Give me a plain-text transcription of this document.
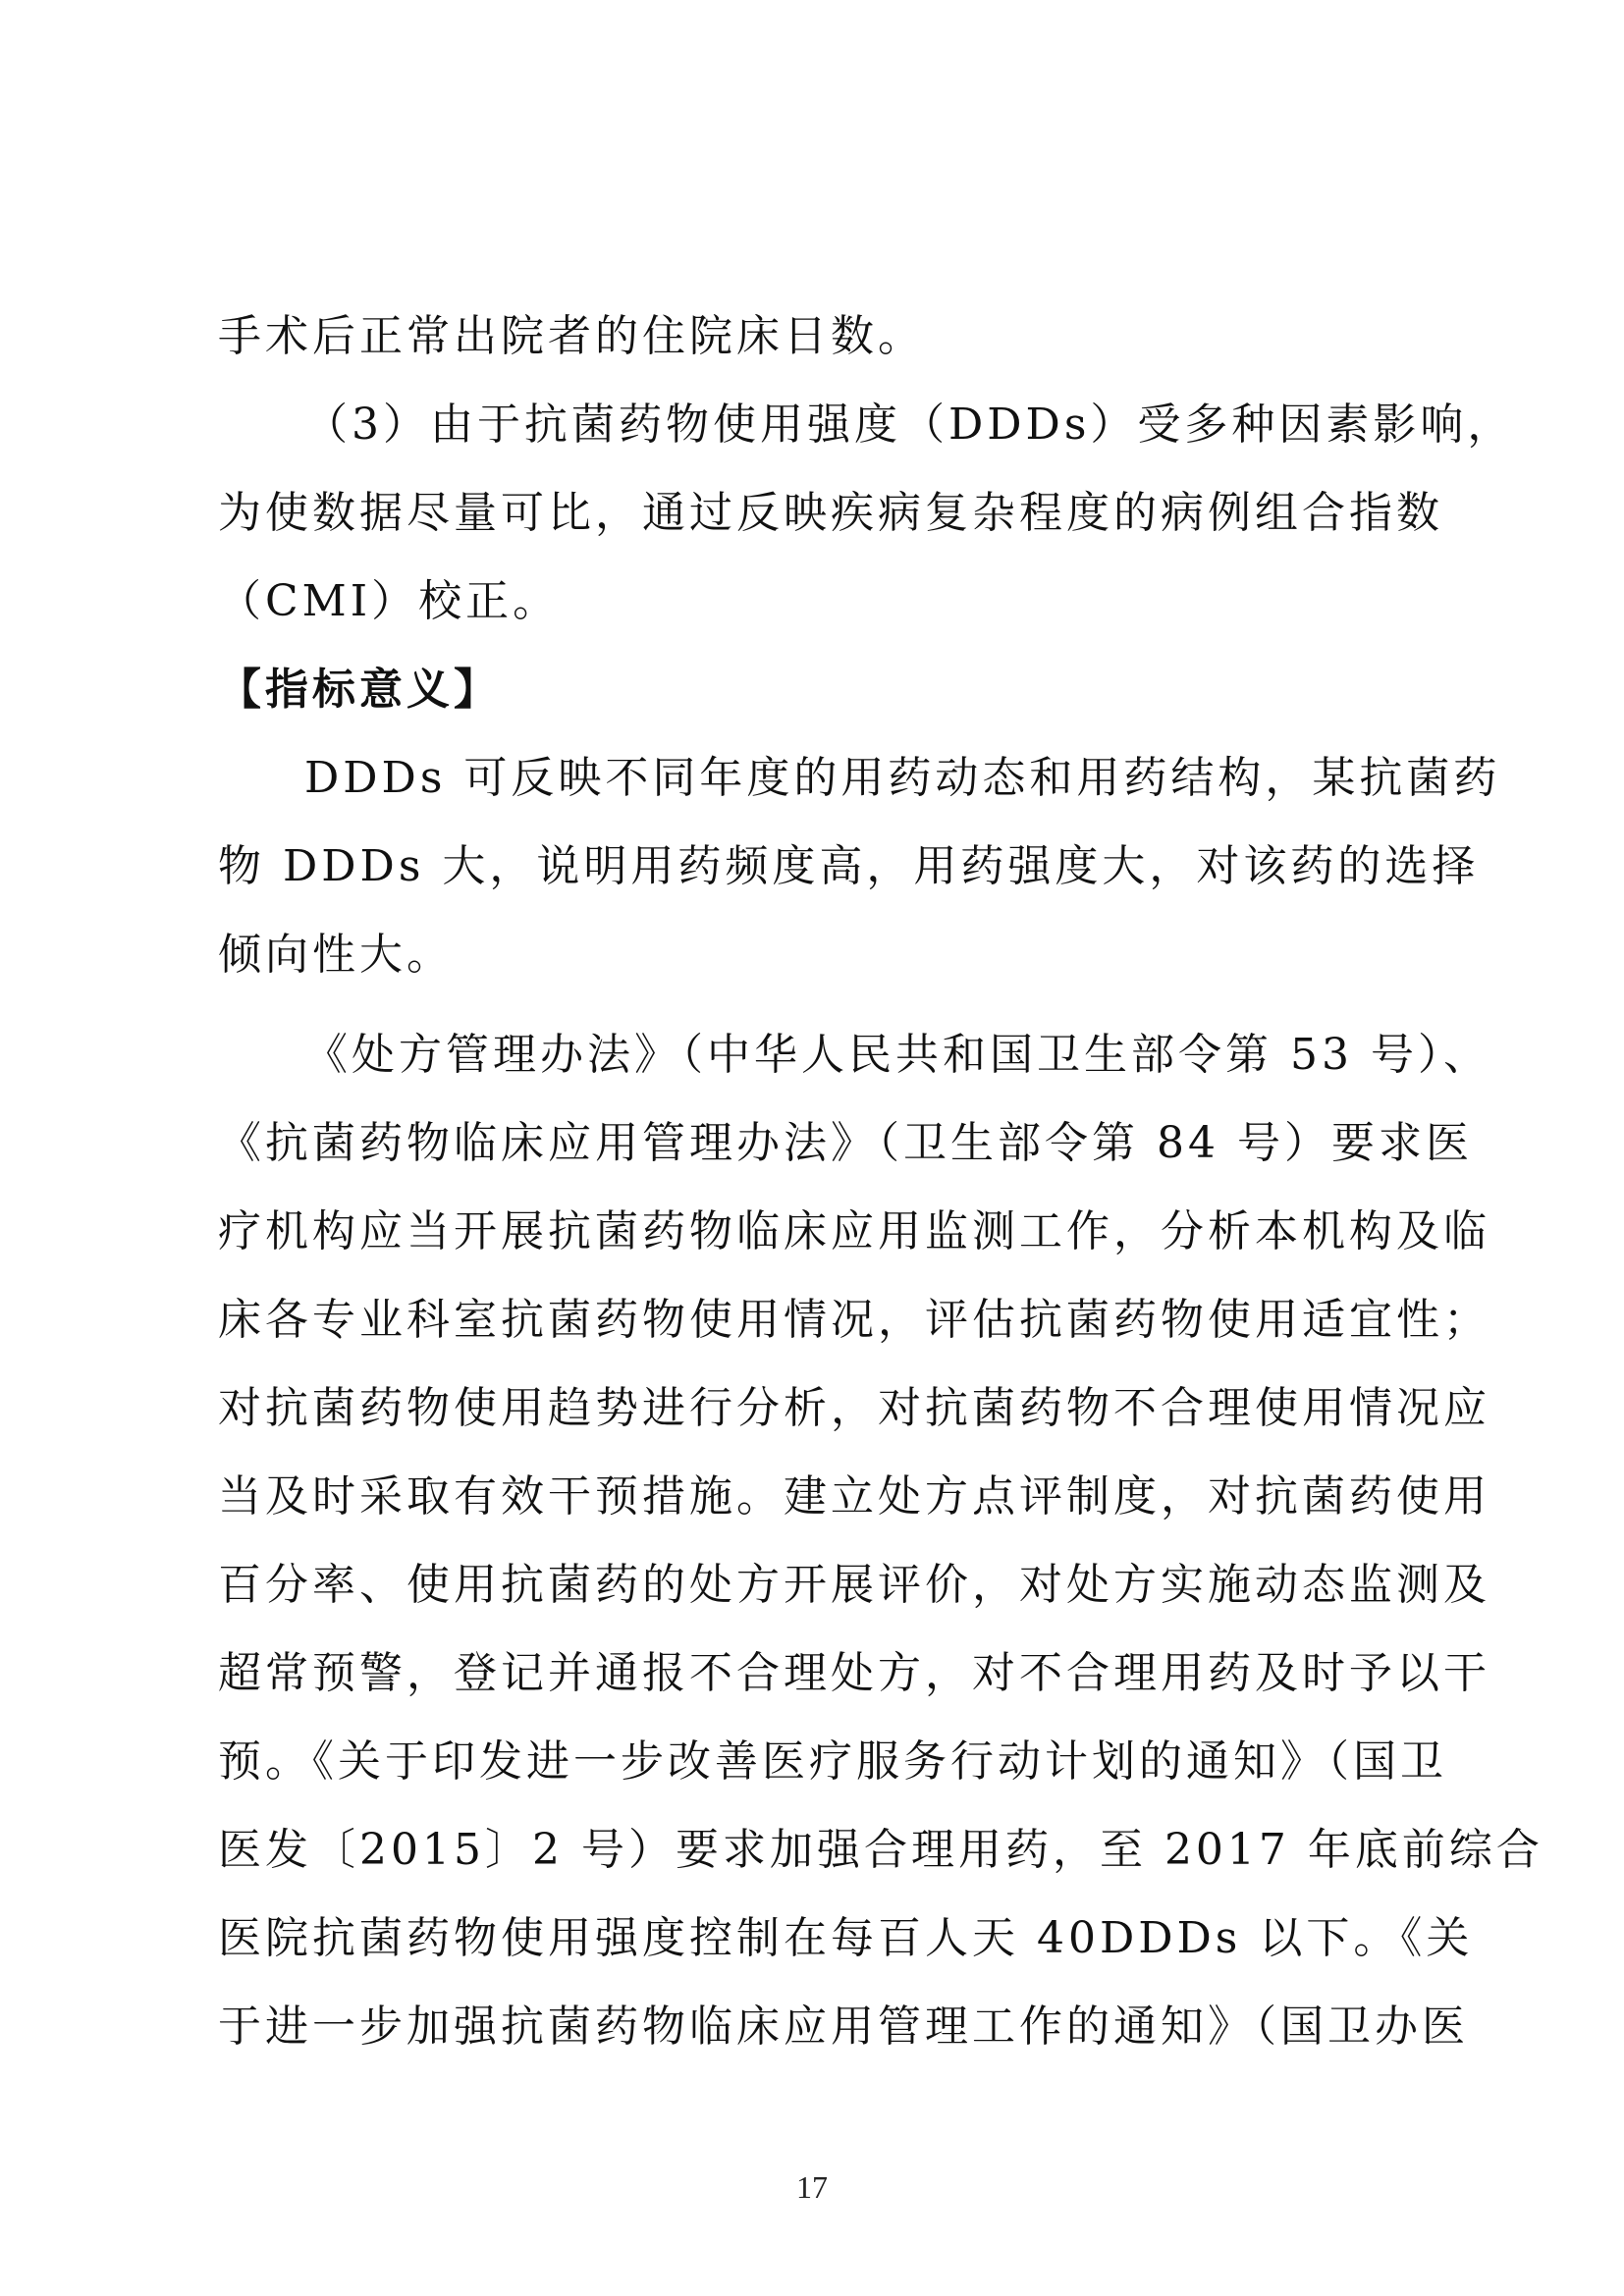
手术后正常出院者的住院床日数。
（3）由于抗菌药物使用强度（DDDs）受多种因素影响，
为使数据尽量可比，通过反映疾病复杂程度的病例组合指数
（CMI）校正。
【指标意义】
DDDs 可反映不同年度的用药动态和用药结构，某抗菌药
物 DDDs 大，说明用药频度高，用药强度大，对该药的选择
倾向性大。
《处方管理办法》（中华人民共和国卫生部令第 53 号）、
《抗菌药物临床应用管理办法》（卫生部令第 84 号）要求医
疗机构应当开展抗菌药物临床应用监测工作，分析本机构及临
床各专业科室抗菌药物使用情况，评估抗菌药物使用适宜性；
对抗菌药物使用趋势进行分析，对抗菌药物不合理使用情况应
当及时采取有效干预措施。建立处方点评制度，对抗菌药使用
百分率、使用抗菌药的处方开展评价，对处方实施动态监测及
超常预警，登记并通报不合理处方，对不合理用药及时予以干
预。《关于印发进一步改善医疗服务行动计划的通知》（国卫
医发〔2015〕2 号）要求加强合理用药，至 2017 年底前综合
医院抗菌药物使用强度控制在每百人天 40DDDs 以下。《关
于进一步加强抗菌药物临床应用管理工作的通知》（国卫办医
17
